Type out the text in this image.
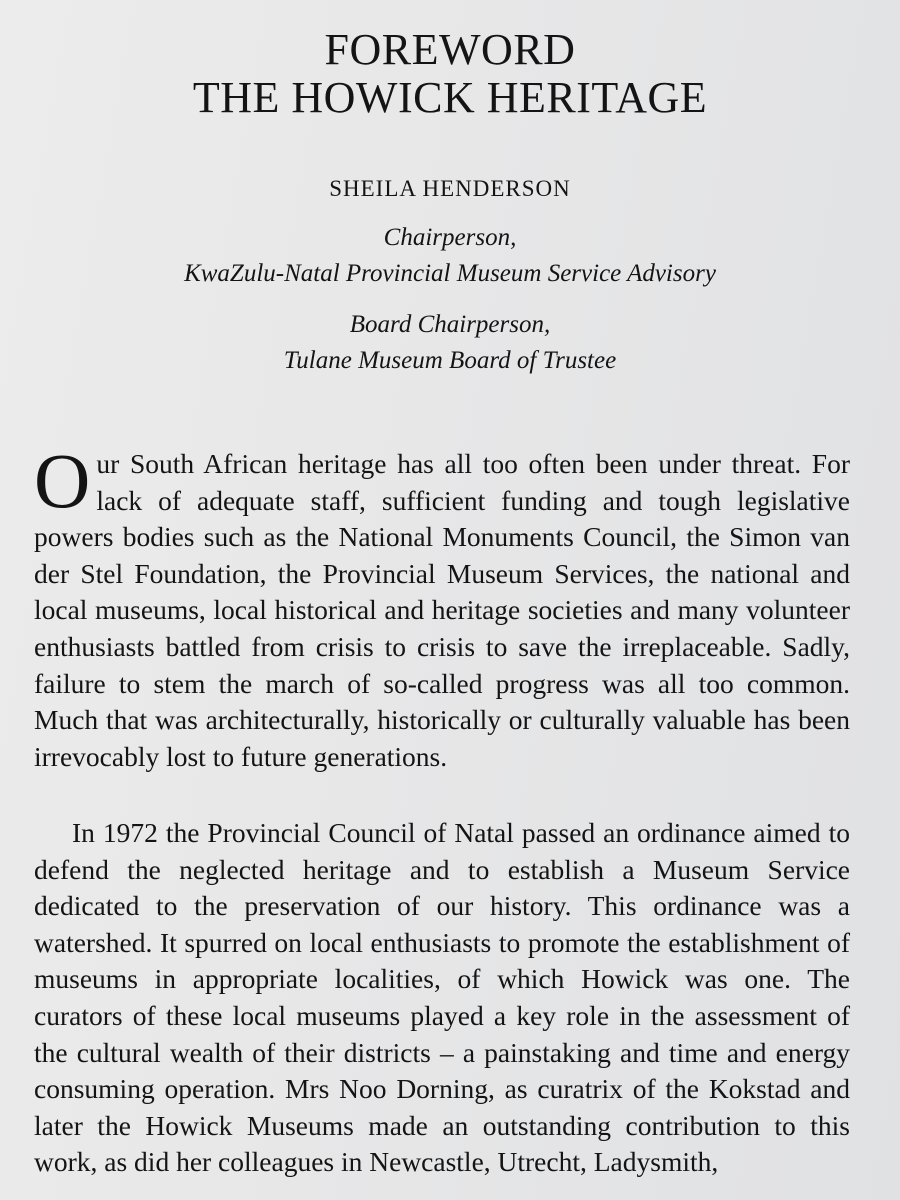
FOREWORD
THE HOWICK HERITAGE
SHEILA HENDERSON
Chairperson,
KwaZulu-Natal Provincial Museum Service Advisory
Board Chairperson,
Tulane Museum Board of Trustee

Our South African heritage has all too often been under threat. For lack of adequate staff, sufficient funding and tough legislative powers bodies such as the National Monuments Council, the Simon van der Stel Foundation, the Provincial Museum Services, the national and local museums, local historical and heritage societies and many volunteer enthusiasts battled from crisis to crisis to save the irreplaceable. Sadly, failure to stem the march of so-called progress was all too common. Much that was architecturally, historically or culturally valuable has been irrevocably lost to future generations.

In 1972 the Provincial Council of Natal passed an ordinance aimed to defend the neglected heritage and to establish a Museum Service dedicated to the preservation of our history. This ordinance was a watershed. It spurred on local enthusiasts to promote the establishment of museums in appropriate localities, of which Howick was one. The curators of these local museums played a key role in the assessment of the cultural wealth of their districts – a painstaking and time and energy consuming operation. Mrs Noo Dorning, as curatrix of the Kokstad and later the Howick Museums made an outstanding contribution to this work, as did her colleagues in Newcastle, Utrecht, Ladysmith,
